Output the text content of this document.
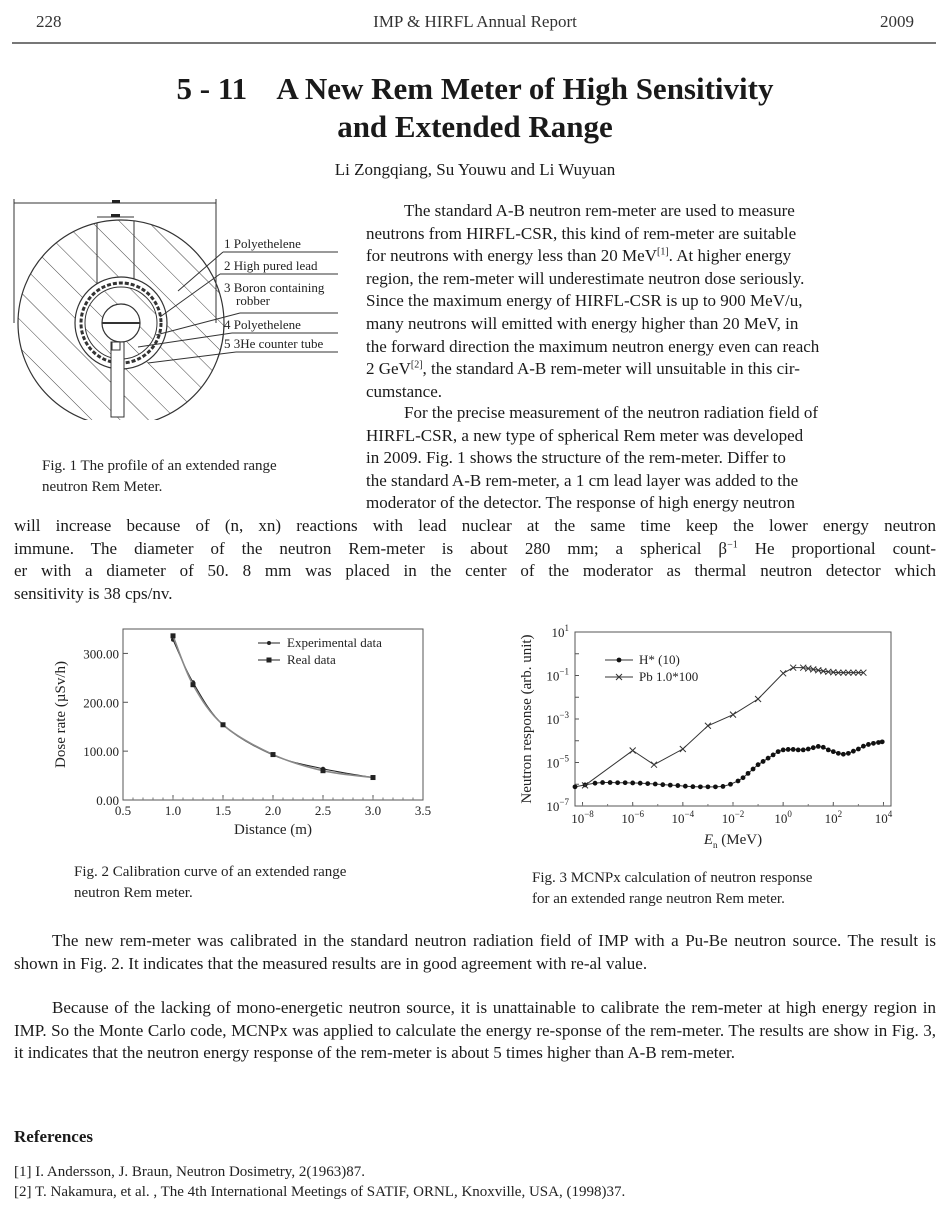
228	IMP & HIRFL Annual Report	2009
5 - 11    A New Rem Meter of High Sensitivity
and Extended Range
Li Zongqiang, Su Youwu and Li Wuyuan
1 Polyethelene
2 High pured lead
3 Boron containing
robber
4 Polyethelene
5 3He counter tube
Fig. 1 The profile of an extended range
neutron Rem Meter.
The standard A-B neutron rem-meter are used to measure
neutrons from HIRFL-CSR, this kind of rem-meter are suitable
for neutrons with energy less than 20 MeV[1]. At higher energy
region, the rem-meter will underestimate neutron dose seriously.
Since the maximum energy of HIRFL-CSR is up to 900 MeV/u,
many neutrons will emitted with energy higher than 20 MeV, in
the forward direction the maximum neutron energy even can reach
2 GeV[2], the standard A-B rem-meter will unsuitable in this cir-
cumstance.
For the precise measurement of the neutron radiation field of
HIRFL-CSR, a new type of spherical Rem meter was developed
in 2009. Fig. 1 shows the structure of the rem-meter. Differ to
the standard A-B rem-meter, a 1 cm lead layer was added to the
moderator of the detector. The response of high energy neutron
will increase because of (n, xn) reactions with lead nuclear at the same time keep the lower energy neutron
immune. The diameter of the neutron Rem-meter is about 280 mm; a spherical $\beta^{-1}$ He proportional count-
er with a diameter of 50. 8 mm was placed in the center of the moderator as thermal neutron detector which
sensitivity is 38 cps/nv.
0.5	1.0	1.5	2.0	2.5	3.0	3.5
0.00
100.00
200.00
300.00
Distance (m)
Dose rate (µSv/h)
Experimental data
Real data
Fig. 2 Calibration curve of an extended range
neutron Rem meter.
$10^{-8}$ $10^{-6}$ $10^{-4}$ $10^{-2}$ $10^0$	$10^2$	$10^4$
$10^{-7}$
$10^{-5}$
$10^{-3}$
$10^{-1}$
$10^1$
$E_n$ (MeV)
Neutron response (arb. unit)	H* (10)
Pb 1.0*100
Fig. 3 MCNPx calculation of neutron response
for an extended range neutron Rem meter.
The new rem-meter was calibrated in the standard neutron radiation field of IMP with a Pu-Be neutron source. The result is shown in Fig. 2. It indicates that the measured results are in good agreement with re-al value.
Because of the lacking of mono-energetic neutron source, it is unattainable to calibrate the rem-meter at high energy region in IMP. So the Monte Carlo code, MCNPx was applied to calculate the energy re-sponse of the rem-meter. The results are show in Fig. 3, it indicates that the neutron energy response of the rem-meter is about 5 times higher than A-B rem-meter.
References
[1] I. Andersson, J. Braun, Neutron Dosimetry, 2(1963)87.
[2] T. Nakamura, et al. , The 4th International Meetings of SATIF, ORNL, Knoxville, USA, (1998)37.
